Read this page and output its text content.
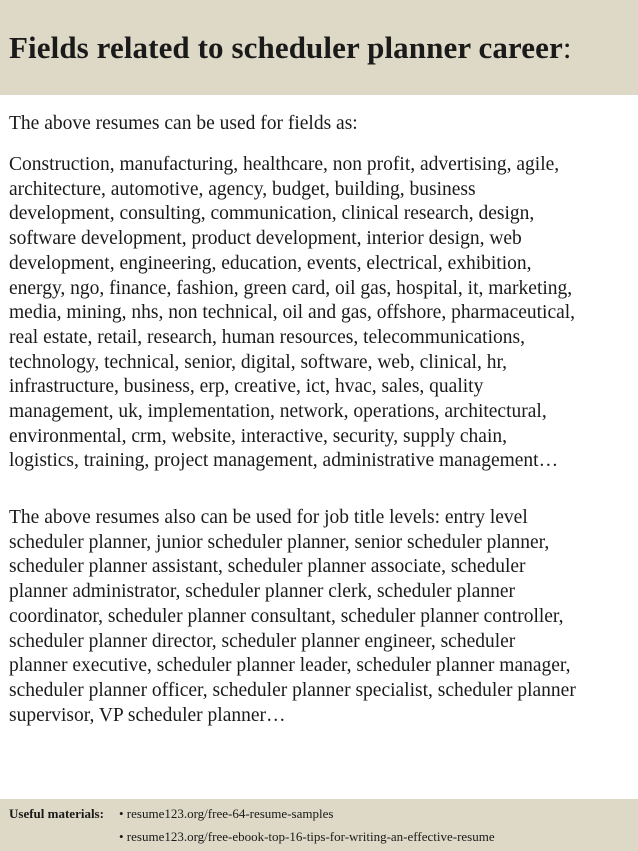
Fields related to scheduler planner career:
The above resumes can be used for fields as:
Construction, manufacturing, healthcare, non profit, advertising, agile,
architecture, automotive, agency, budget, building, business
development, consulting, communication, clinical research, design,
software development, product development, interior design, web
development, engineering, education, events, electrical, exhibition,
energy, ngo, finance, fashion, green card, oil gas, hospital, it, marketing,
media, mining, nhs, non technical, oil and gas, offshore, pharmaceutical,
real estate, retail, research, human resources, telecommunications,
technology, technical, senior, digital, software, web, clinical, hr,
infrastructure, business, erp, creative, ict, hvac, sales, quality
management, uk, implementation, network, operations, architectural,
environmental, crm, website, interactive, security, supply chain,
logistics, training, project management, administrative management…
The above resumes also can be used for job title levels: entry level
scheduler planner, junior scheduler planner, senior scheduler planner,
scheduler planner assistant, scheduler planner associate, scheduler
planner administrator, scheduler planner clerk, scheduler planner
coordinator, scheduler planner consultant, scheduler planner controller,
scheduler planner director, scheduler planner engineer, scheduler
planner executive, scheduler planner leader, scheduler planner manager,
scheduler planner officer, scheduler planner specialist, scheduler planner
supervisor, VP scheduler planner…
Useful materials: • resume123.org/free-64-resume-samples
• resume123.org/free-ebook-top-16-tips-for-writing-an-effective-resume
